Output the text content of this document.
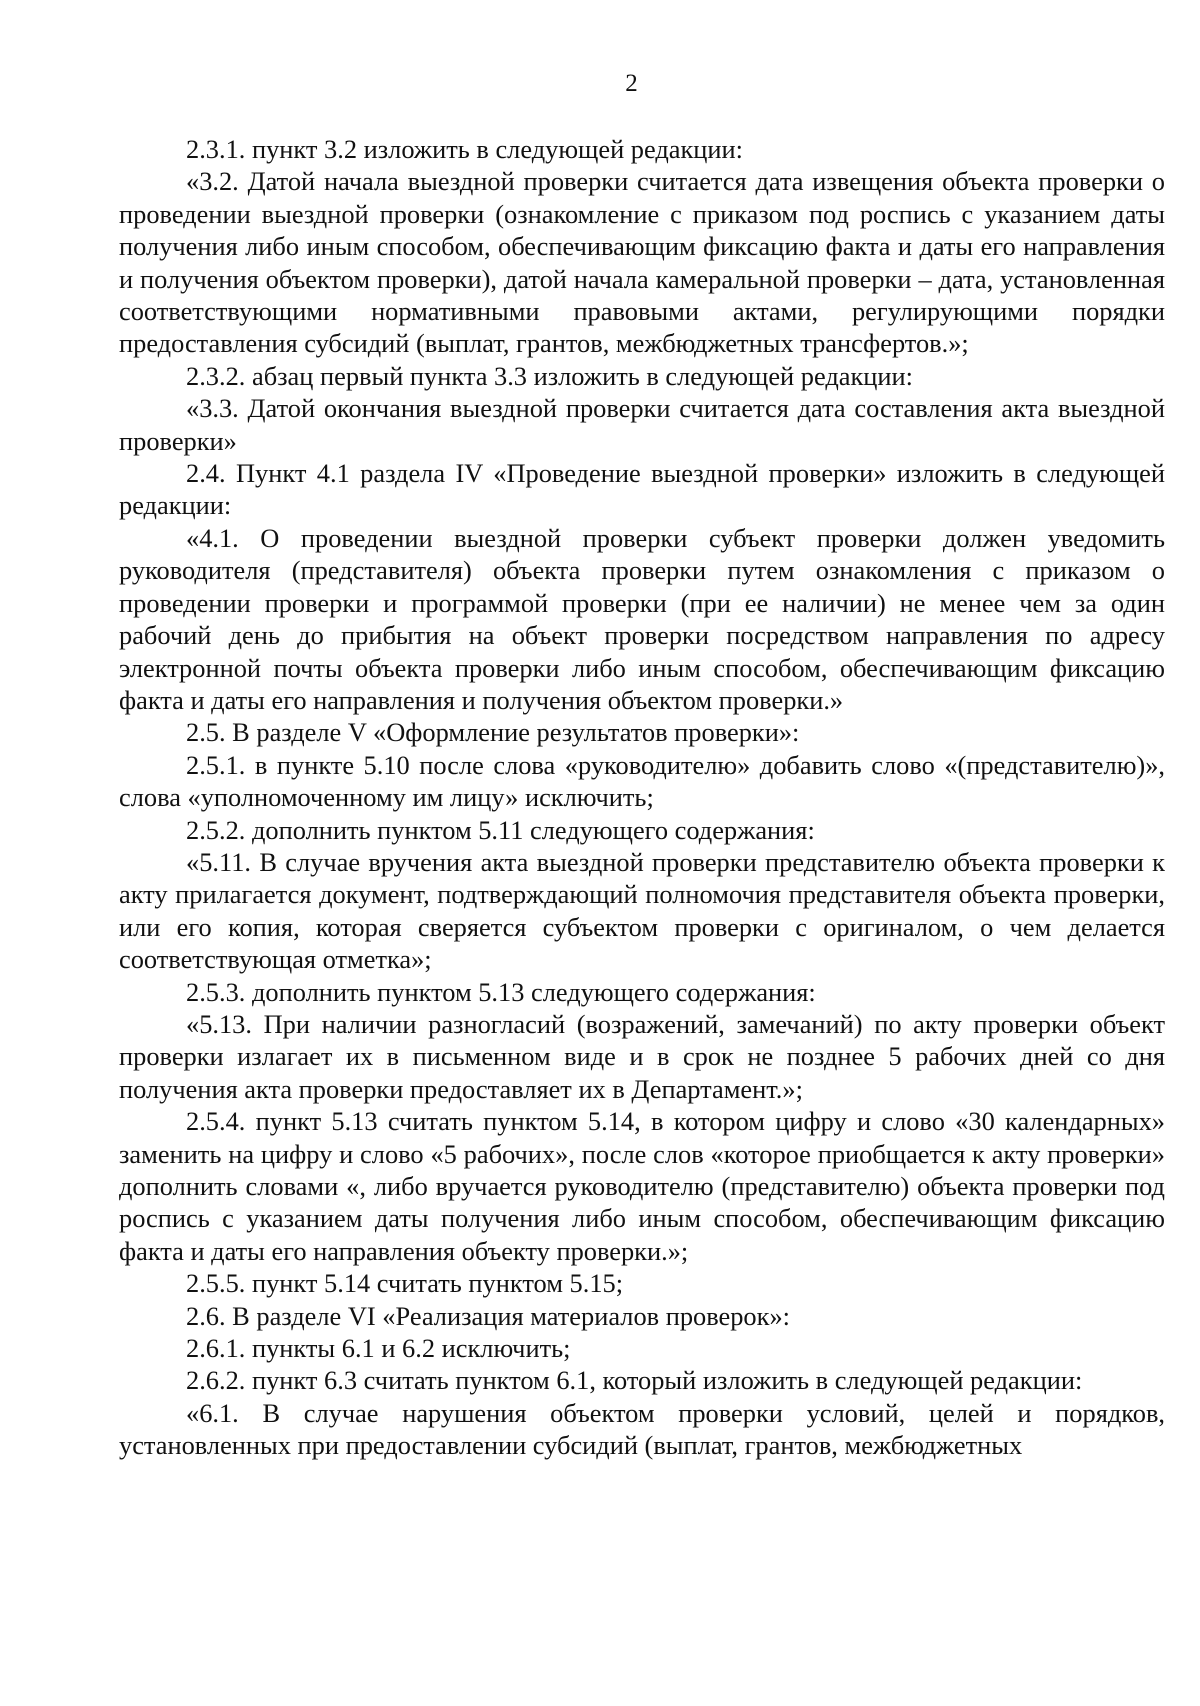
2

2.3.1. пункт 3.2 изложить в следующей редакции:

«3.2. Датой начала выездной проверки считается дата извещения объекта проверки о проведении выездной проверки (ознакомление с приказом под роспись с указанием даты получения либо иным способом, обеспечивающим фиксацию факта и даты его направления и получения объектом проверки), датой начала камеральной проверки – дата, установленная соответствующими нормативными правовыми актами, регулирующими порядки предоставления субсидий (выплат, грантов, межбюджетных трансфертов.»;

2.3.2. абзац первый пункта 3.3 изложить в следующей редакции:

«3.3. Датой окончания выездной проверки считается дата составления акта выездной проверки»

2.4. Пункт 4.1 раздела IV «Проведение выездной проверки» изложить в следующей редакции:

«4.1. О проведении выездной проверки субъект проверки должен уведомить руководителя (представителя) объекта проверки путем ознакомления с приказом о проведении проверки и программой проверки (при ее наличии) не менее чем за один рабочий день до прибытия на объект проверки посредством направления по адресу электронной почты объекта проверки либо иным способом, обеспечивающим фиксацию факта и даты его направления и получения объектом проверки.»

2.5. В разделе V «Оформление результатов проверки»:

2.5.1. в пункте 5.10 после слова «руководителю» добавить слово «(представителю)», слова «уполномоченному им лицу» исключить;

2.5.2. дополнить пунктом 5.11 следующего содержания:

«5.11. В случае вручения акта выездной проверки представителю объекта проверки к акту прилагается документ, подтверждающий полномочия представителя объекта проверки, или его копия, которая сверяется субъектом проверки с оригиналом, о чем делается соответствующая отметка»;

2.5.3. дополнить пунктом 5.13 следующего содержания:

«5.13. При наличии разногласий (возражений, замечаний) по акту проверки объект проверки излагает их в письменном виде и в срок не позднее 5 рабочих дней со дня получения акта проверки предоставляет их в Департамент.»;

2.5.4. пункт 5.13 считать пунктом 5.14, в котором цифру и слово «30 календарных» заменить на цифру и слово «5 рабочих», после слов «которое приобщается к акту проверки» дополнить словами «, либо вручается руководителю (представителю) объекта проверки под роспись с указанием даты получения либо иным способом, обеспечивающим фиксацию факта и даты его направления объекту проверки.»;

2.5.5. пункт 5.14 считать пунктом 5.15;

2.6. В разделе VI «Реализация материалов проверок»:

2.6.1. пункты 6.1 и 6.2 исключить;

2.6.2. пункт 6.3 считать пунктом 6.1, который изложить в следующей редакции:

«6.1. В случае нарушения объектом проверки условий, целей и порядков, установленных при предоставлении субсидий (выплат, грантов, межбюджетных
